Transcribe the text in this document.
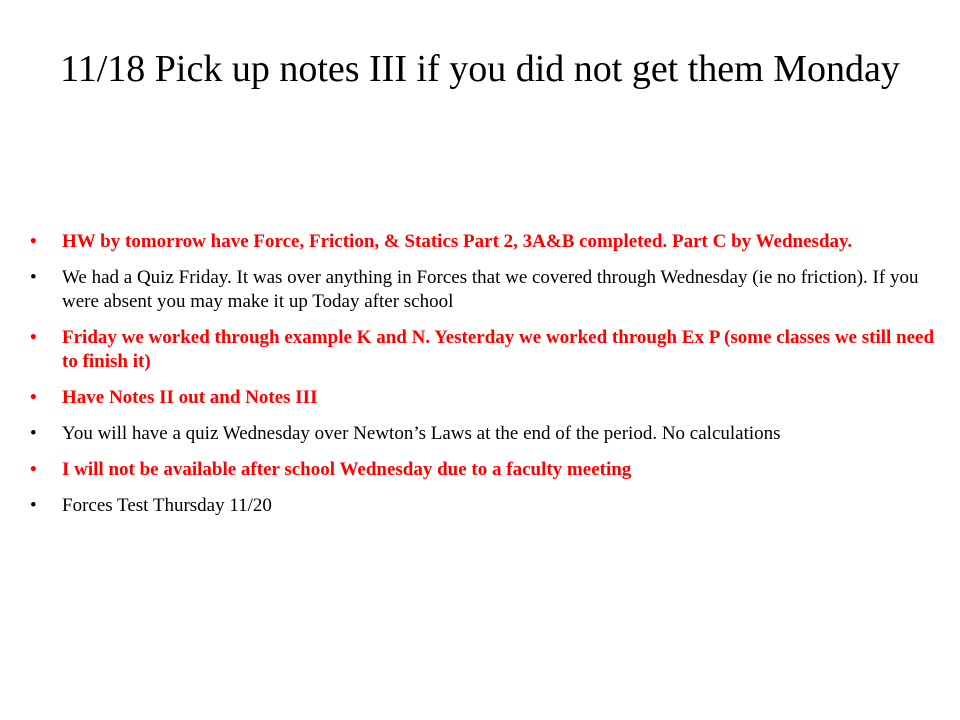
11/18 Pick up notes III if you did not get them Monday
•	HW by tomorrow have Force, Friction, & Statics Part 2, 3A&B completed. Part C by Wednesday.
•	We had a Quiz Friday. It was over anything in Forces that we covered through Wednesday (ie no friction). If you were absent you may make it up Today after school
•	Friday we worked through example K and N. Yesterday we worked through Ex P (some classes we still need to finish it)
•	Have Notes II out and Notes III
•	You will have a quiz Wednesday over Newton’s Laws at the end of the period. No calculations
•	I will not be available after school Wednesday due to a faculty meeting
•	Forces Test Thursday 11/20
